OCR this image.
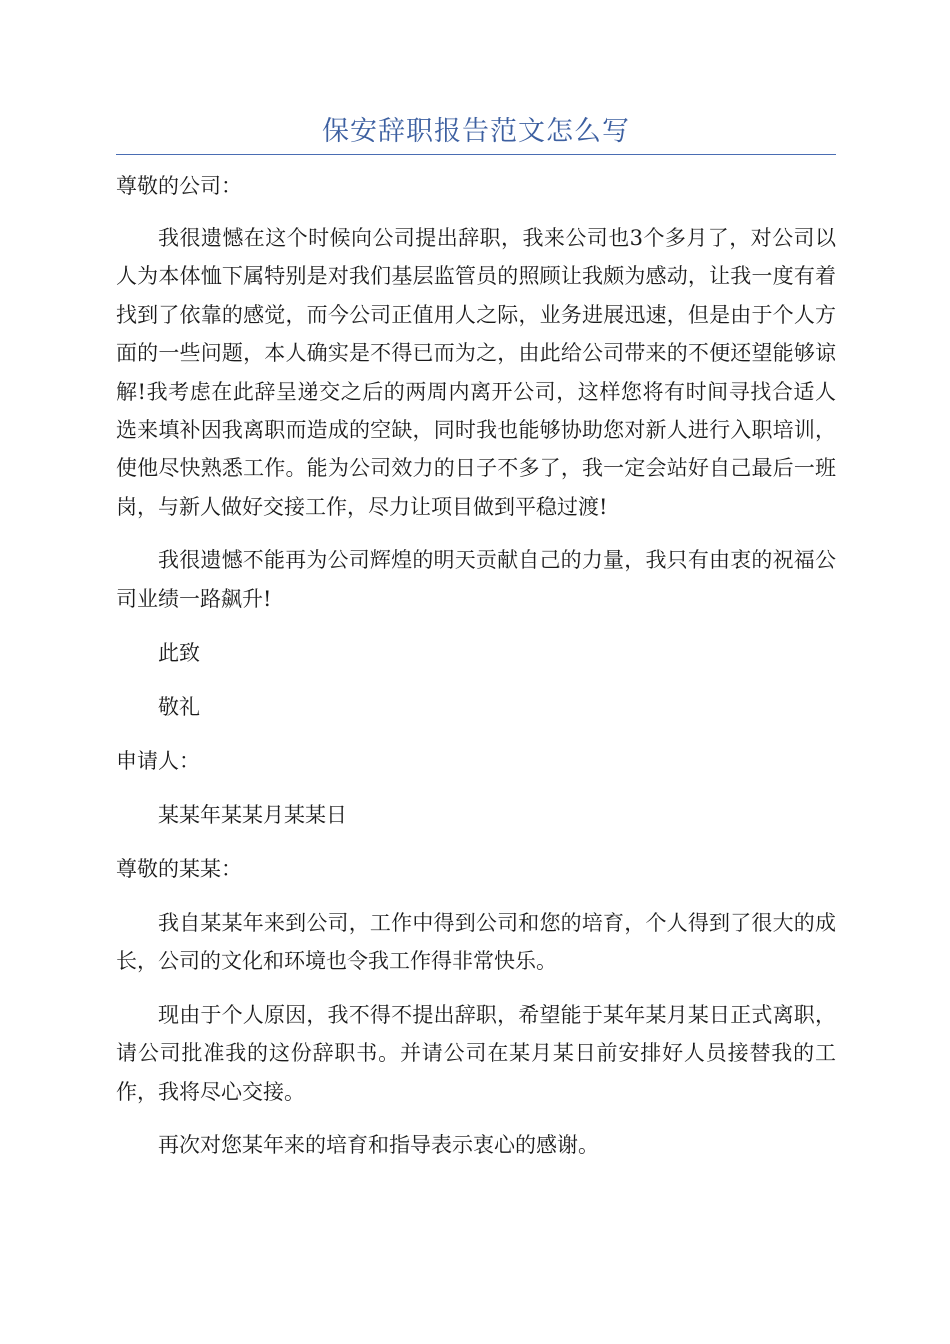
保安辞职报告范文怎么写
尊敬的公司：

我很遗憾在这个时候向公司提出辞职，我来公司也3个多月了，对公司以人为本体恤下属特别是对我们基层监管员的照顾让我颇为感动，让我一度有着找到了依靠的感觉，而今公司正值用人之际，业务进展迅速，但是由于个人方面的一些问题，本人确实是不得已而为之，由此给公司带来的不便还望能够谅解!我考虑在此辞呈递交之后的两周内离开公司，这样您将有时间寻找合适人选来填补因我离职而造成的空缺，同时我也能够协助您对新人进行入职培训，使他尽快熟悉工作。能为公司效力的日子不多了，我一定会站好自己最后一班岗，与新人做好交接工作，尽力让项目做到平稳过渡!

我很遗憾不能再为公司辉煌的明天贡献自己的力量，我只有由衷的祝福公司业绩一路飙升!

此致
敬礼
申请人：
某某年某某月某某日
尊敬的某某：

我自某某年来到公司，工作中得到公司和您的培育，个人得到了很大的成长，公司的文化和环境也令我工作得非常快乐。

现由于个人原因，我不得不提出辞职，希望能于某年某月某日正式离职，请公司批准我的这份辞职书。并请公司在某月某日前安排好人员接替我的工作，我将尽心交接。

再次对您某年来的培育和指导表示衷心的感谢。
